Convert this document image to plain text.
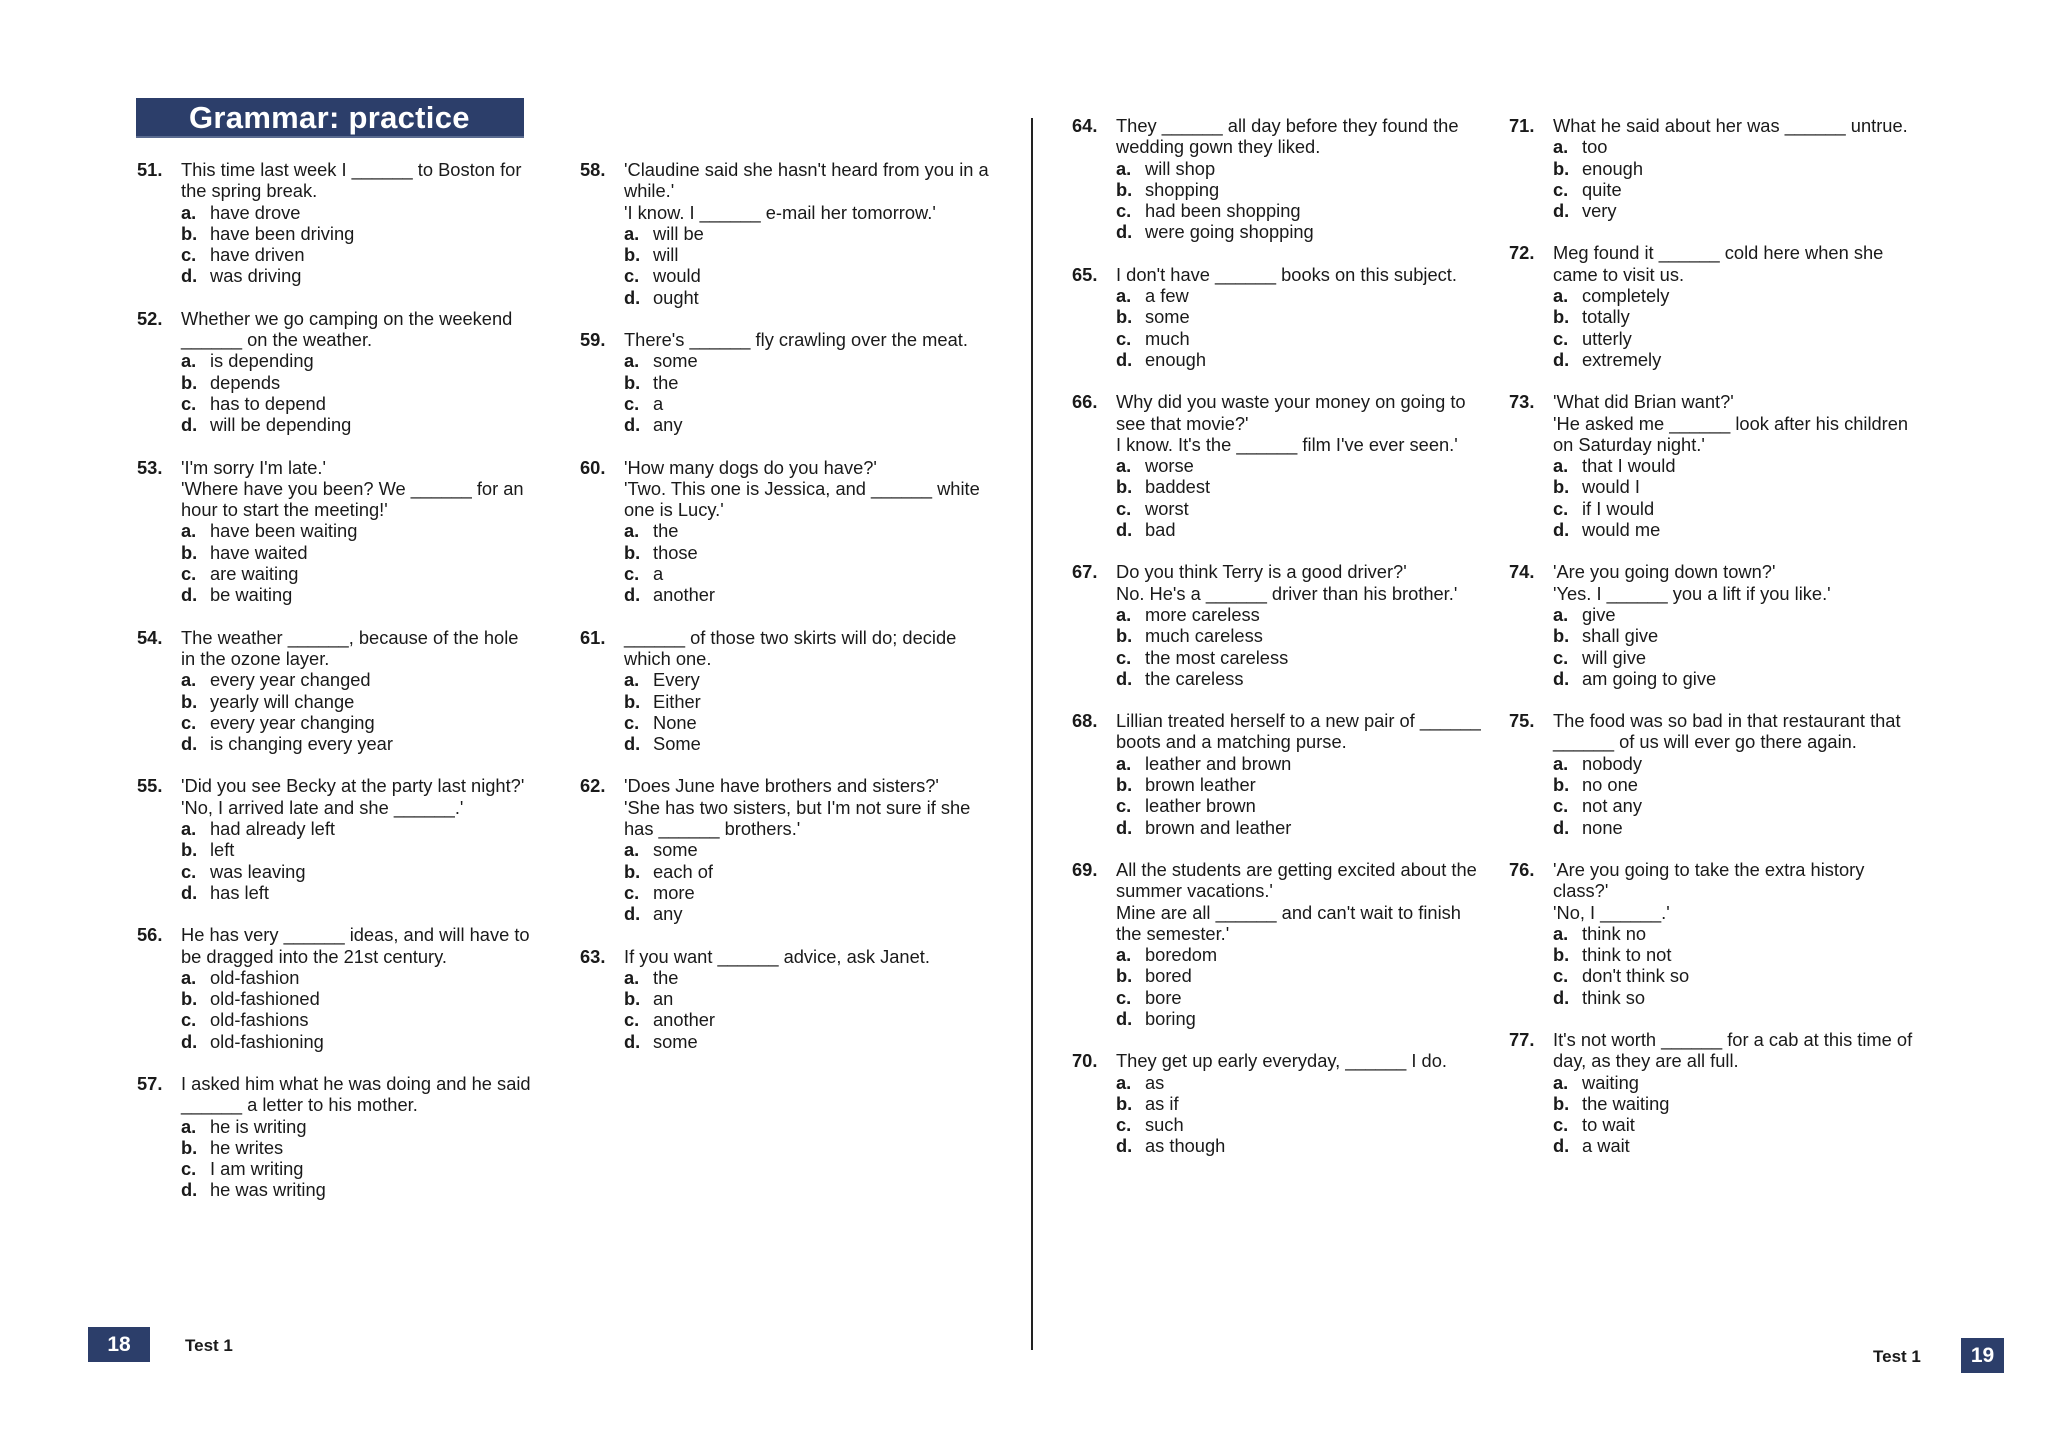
Grammar: practice
51.	This time last week I ______ to Boston for the spring break.
a. have drove
b. have been driving
c. have driven
d. was driving
52.	Whether we go camping on the weekend ______ on the weather.
a. is depending
b. depends
c. has to depend
d. will be depending
53.	'I'm sorry I'm late.'
'Where have you been? We ______ for an hour to start the meeting!'
a. have been waiting
b. have waited
c. are waiting
d. be waiting
54.	The weather ______, because of the hole in the ozone layer.
a. every year changed
b. yearly will change
c. every year changing
d. is changing every year
55.	'Did you see Becky at the party last night?'
'No, I arrived late and she ______.'
a. had already left
b. left
c. was leaving
d. has left
56.	He has very ______ ideas, and will have to be dragged into the 21st century.
a. old-fashion
b. old-fashioned
c. old-fashions
d. old-fashioning
57.	I asked him what he was doing and he said ______ a letter to his mother.
a. he is writing
b. he writes
c. I am writing
d. he was writing
58.	'Claudine said she hasn't heard from you in a while.'
'I know. I ______ e-mail her tomorrow.'
a. will be
b. will
c. would
d. ought
59.	There's ______ fly crawling over the meat.
a. some
b. the
c. a
d. any
60.	'How many dogs do you have?'
'Two. This one is Jessica, and ______ white one is Lucy.'
a. the
b. those
c. a
d. another
61.	______ of those two skirts will do; decide which one.
a. Every
b. Either
c. None
d. Some
62.	'Does June have brothers and sisters?'
'She has two sisters, but I'm not sure if she has ______ brothers.'
a. some
b. each of
c. more
d. any
63.	If you want ______ advice, ask Janet.
a. the
b. an
c. another
d. some
64.	They ______ all day before they found the wedding gown they liked.
a. will shop
b. shopping
c. had been shopping
d. were going shopping
65.	I don't have ______ books on this subject.
a. a few
b. some
c. much
d. enough
66.	Why did you waste your money on going to see that movie?'
I know. It's the ______ film I've ever seen.'
a. worse
b. baddest
c. worst
d. bad
67.	Do you think Terry is a good driver?'
No. He's a ______ driver than his brother.'
a. more careless
b. much careless
c. the most careless
d. the careless
68.	Lillian treated herself to a new pair of ______ boots and a matching purse.
a. leather and brown
b. brown leather
c. leather brown
d. brown and leather
69.	All the students are getting excited about the summer vacations.'
Mine are all ______ and can't wait to finish the semester.'
a. boredom
b. bored
c. bore
d. boring
70.	They get up early everyday, ______ I do.
a. as
b. as if
c. such
d. as though
71.	What he said about her was ______ untrue.
a. too
b. enough
c. quite
d. very
72.	Meg found it ______ cold here when she came to visit us.
a. completely
b. totally
c. utterly
d. extremely
73.	'What did Brian want?'
'He asked me ______ look after his children on Saturday night.'
a. that I would
b. would I
c. if I would
d. would me
74.	'Are you going down town?'
'Yes. I ______ you a lift if you like.'
a. give
b. shall give
c. will give
d. am going to give
75.	The food was so bad in that restaurant that ______ of us will ever go there again.
a. nobody
b. no one
c. not any
d. none
76.	'Are you going to take the extra history class?'
'No, I ______.'
a. think no
b. think to not
c. don't think so
d. think so
77.	It's not worth ______ for a cab at this time of day, as they are all full.
a. waiting
b. the waiting
c. to wait
d. a wait
18	Test 1
Test 1	19
